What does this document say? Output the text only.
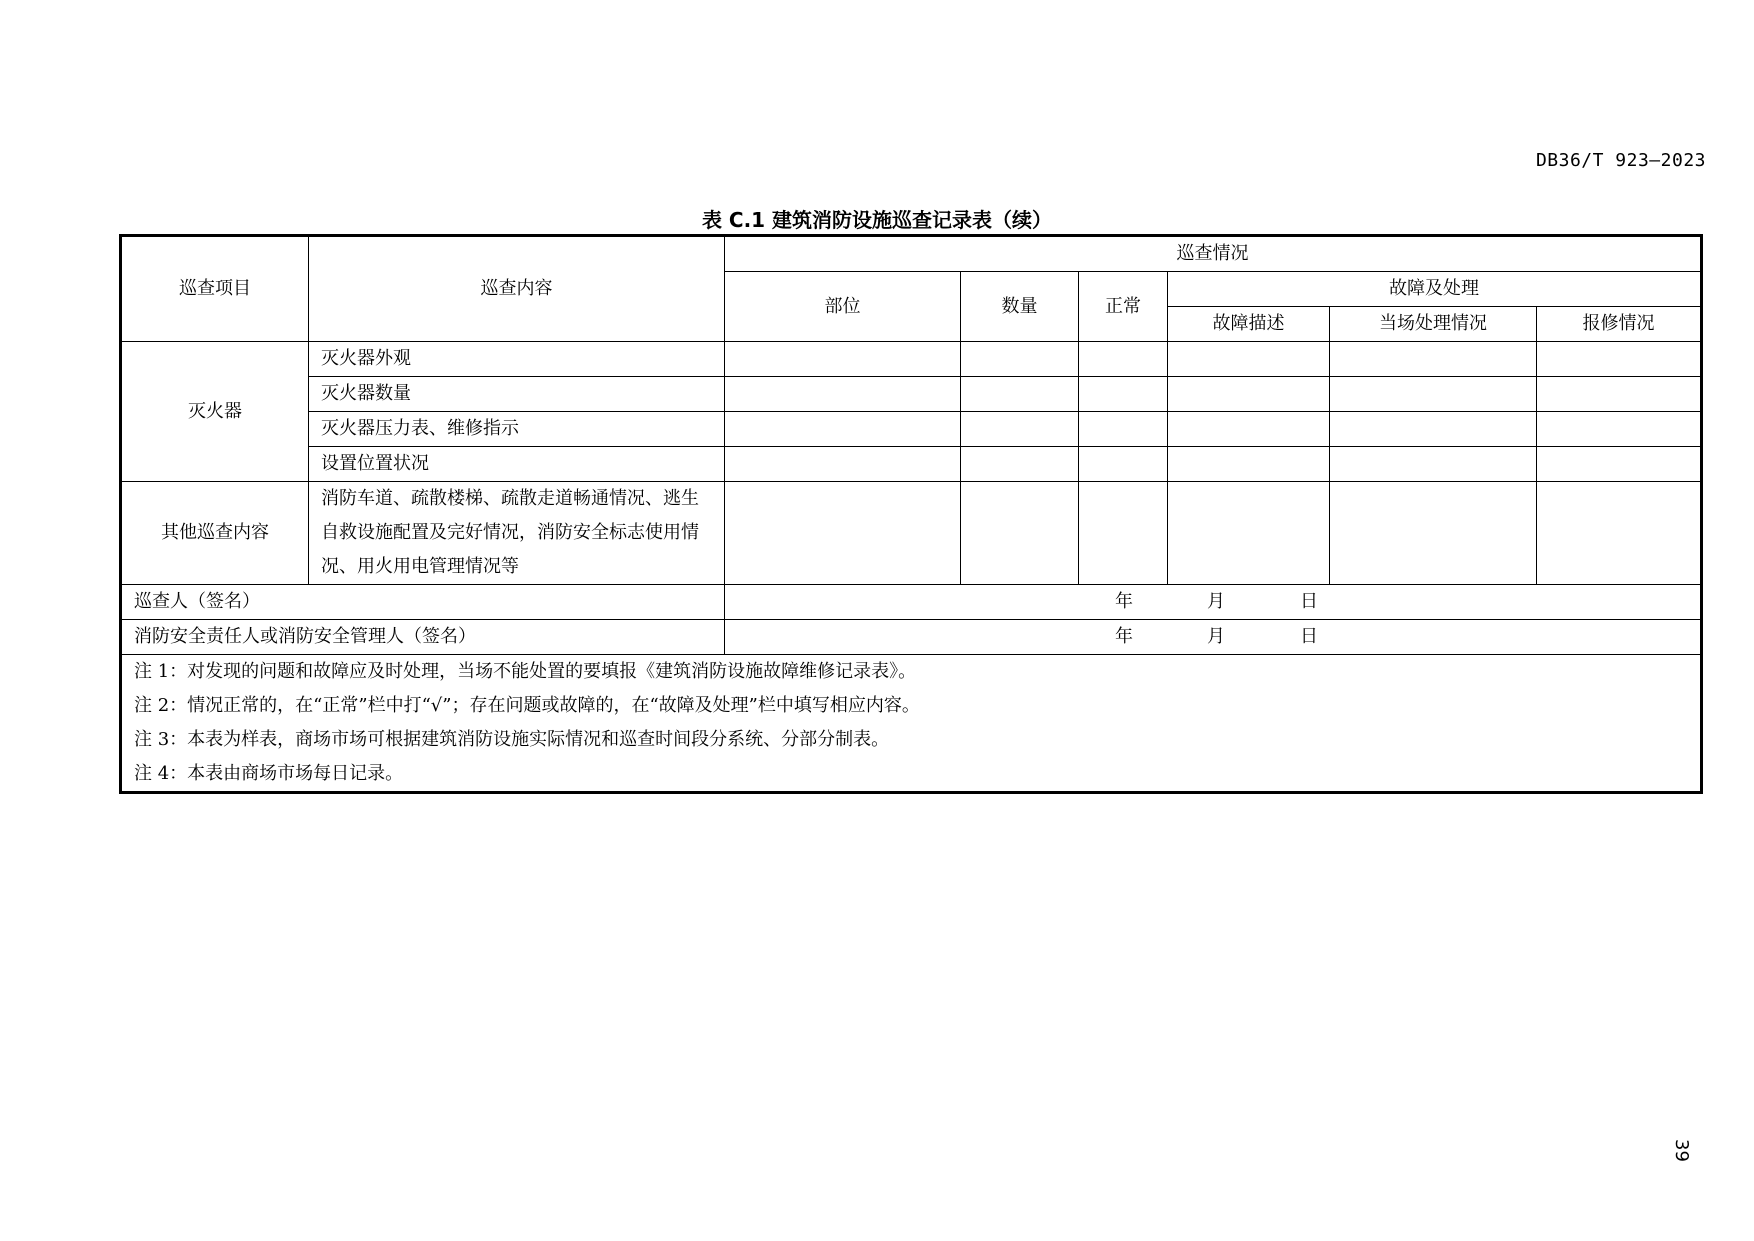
DB36/T 923—2023
表 C.1 建筑消防设施巡查记录表（续）
巡查项目	巡查内容	巡查情况					
		部位	数量	正常	故障及处理		
					故障描述	当场处理情况	报修情况
灭火器	灭火器外观						
	灭火器数量						
	灭火器压力表、维修指示						
	设置位置状况						
其他巡查内容	消防车道、疏散楼梯、疏散走道畅通情况、逃生
自救设施配置及完好情况，消防安全标志使用情
况、用火用电管理情况等						

巡查人（签名）		年 月 日					

消防安全责任人或消防安全管理人（签名）		年 月 日					

注 1：对发现的问题和故障应及时处理，当场不能处置的要填报《建筑消防设施故障维修记录表》。
注 2：情况正常的，在“正常”栏中打“√”；存在问题或故障的，在“故障及处理”栏中填写相应内容。
注 3：本表为样表，商场市场可根据建筑消防设施实际情况和巡查时间段分系统、分部分制表。
注 4：本表由商场市场每日记录。							
39
